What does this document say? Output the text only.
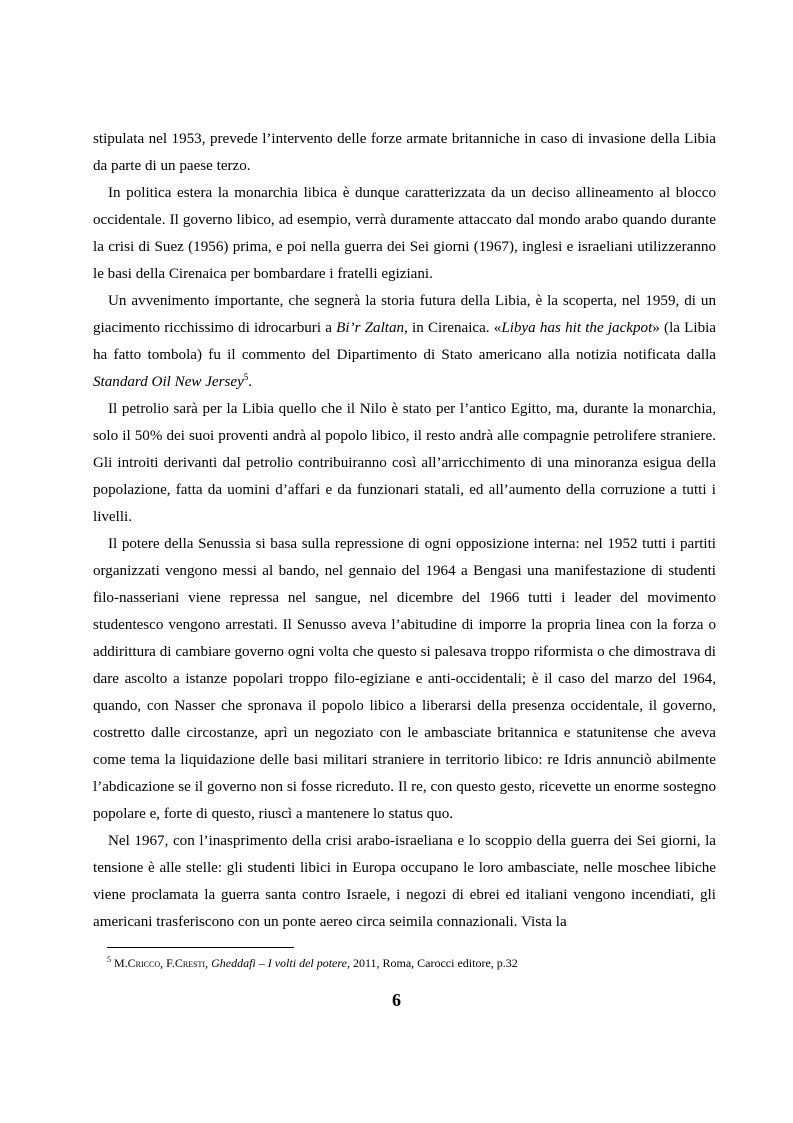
stipulata nel 1953, prevede l’intervento delle forze armate britanniche in caso di invasione della Libia da parte di un paese terzo.

In politica estera la monarchia libica è dunque caratterizzata da un deciso allineamento al blocco occidentale. Il governo libico, ad esempio, verrà duramente attaccato dal mondo arabo quando durante la crisi di Suez (1956) prima, e poi nella guerra dei Sei giorni (1967), inglesi e israeliani utilizzeranno le basi della Cirenaica per bombardare i fratelli egiziani.

Un avvenimento importante, che segnerà la storia futura della Libia, è la scoperta, nel 1959, di un giacimento ricchissimo di idrocarburi a Bi’r Zaltan, in Cirenaica. «Libya has hit the jackpot» (la Libia ha fatto tombola) fu il commento del Dipartimento di Stato americano alla notizia notificata dalla Standard Oil New Jersey$^5$.

Il petrolio sarà per la Libia quello che il Nilo è stato per l’antico Egitto, ma, durante la monarchia, solo il 50% dei suoi proventi andrà al popolo libico, il resto andrà alle compagnie petrolifere straniere. Gli introiti derivanti dal petrolio contribuiranno così all’arricchimento di una minoranza esigua della popolazione, fatta da uomini d’affari e da funzionari statali, ed all’aumento della corruzione a tutti i livelli.

Il potere della Senussia si basa sulla repressione di ogni opposizione interna: nel 1952 tutti i partiti organizzati vengono messi al bando, nel gennaio del 1964 a Bengasi una manifestazione di studenti filo-nasseriani viene repressa nel sangue, nel dicembre del 1966 tutti i leader del movimento studentesco vengono arrestati. Il Senusso aveva l’abitudine di imporre la propria linea con la forza o addirittura di cambiare governo ogni volta che questo si palesava troppo riformista o che dimostrava di dare ascolto a istanze popolari troppo filo-egiziane e anti-occidentali; è il caso del marzo del 1964, quando, con Nasser che spronava il popolo libico a liberarsi della presenza occidentale, il governo, costretto dalle circostanze, aprì un negoziato con le ambasciate britannica e statunitense che aveva come tema la liquidazione delle basi militari straniere in territorio libico: re Idris annunciò abilmente l’abdicazione se il governo non si fosse ricreduto. Il re, con questo gesto, ricevette un enorme sostegno popolare e, forte di questo, riuscì a mantenere lo status quo.

Nel 1967, con l’inasprimento della crisi arabo-israeliana e lo scoppio della guerra dei Sei giorni, la tensione è alle stelle: gli studenti libici in Europa occupano le loro ambasciate, nelle moschee libiche viene proclamata la guerra santa contro Israele, i negozi di ebrei ed italiani vengono incendiati, gli americani trasferiscono con un ponte aereo circa seimila connazionali. Vista la

$^5$ M.Cricco, F.Cresti, Gheddafi – I volti del potere, 2011, Roma, Carocci editore, p.32
6
